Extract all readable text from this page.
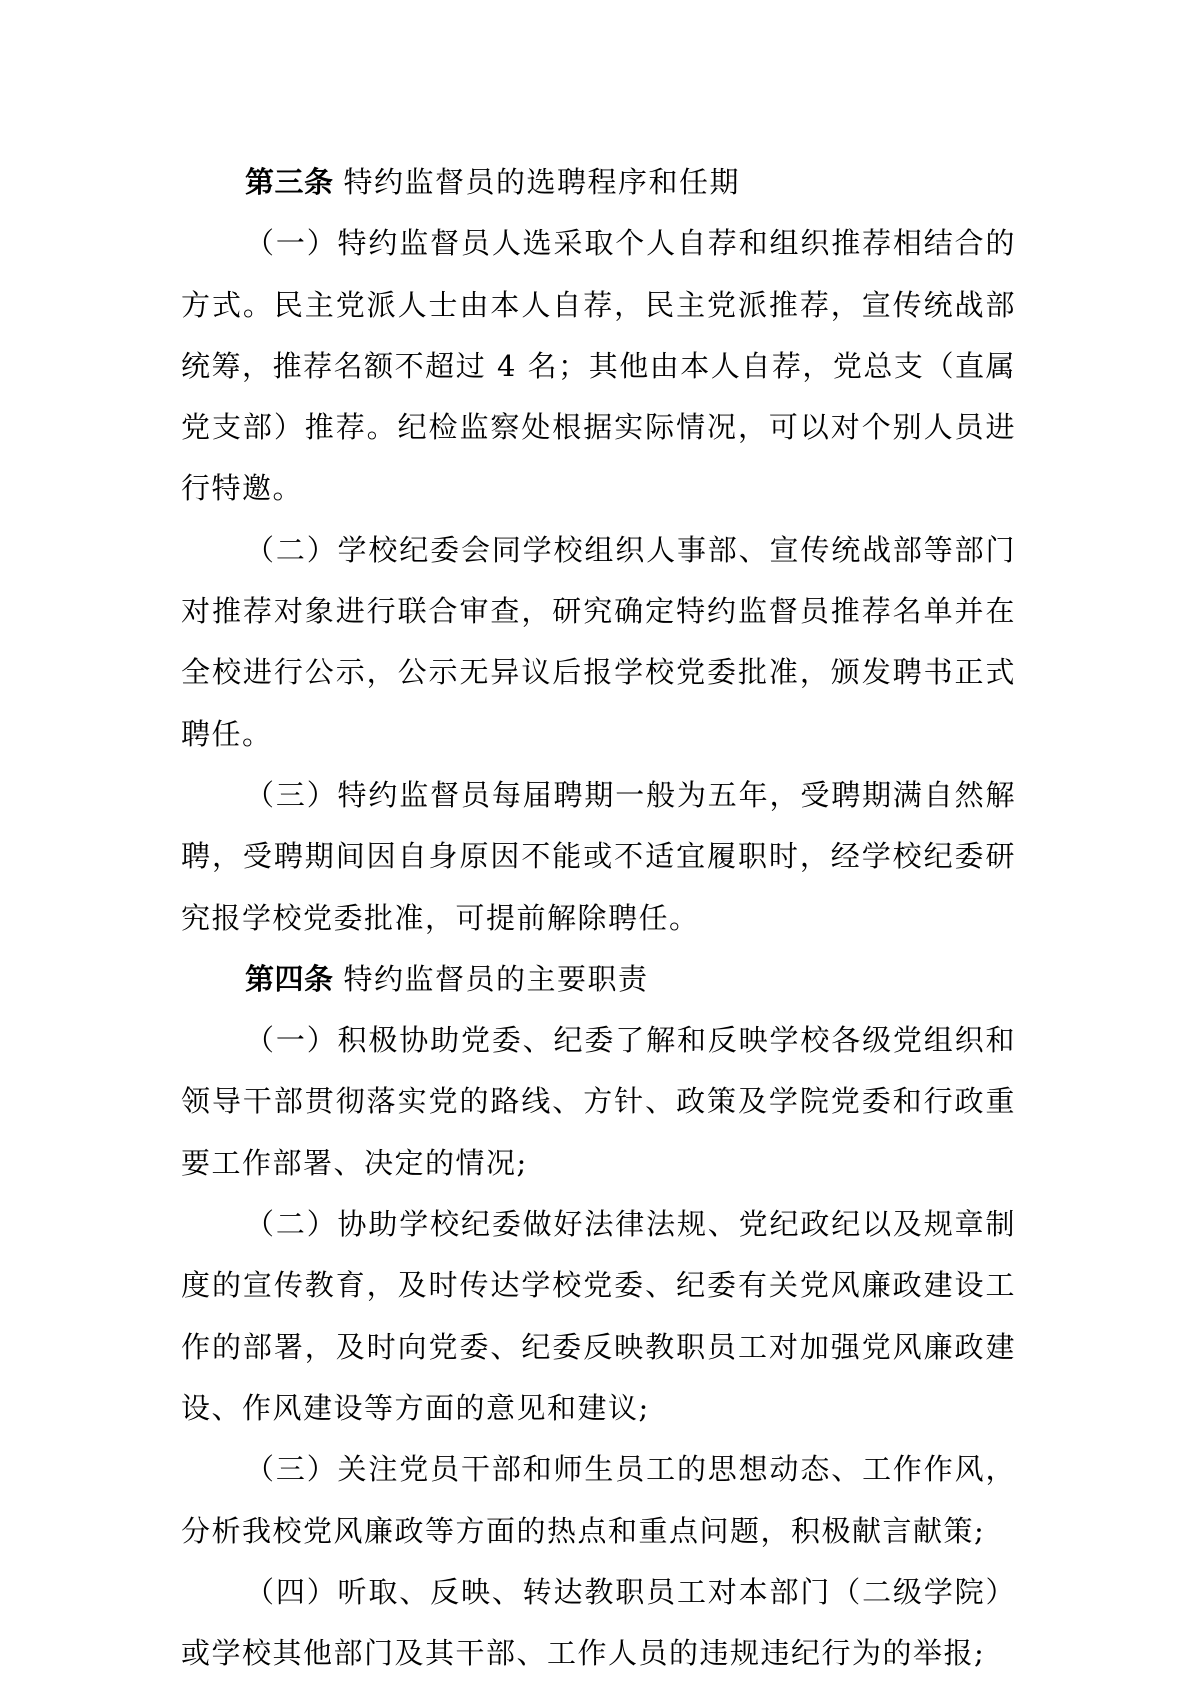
第三条 特约监督员的选聘程序和任期

（一）特约监督员人选采取个人自荐和组织推荐相结合的方式。民主党派人士由本人自荐，民主党派推荐，宣传统战部统筹，推荐名额不超过 4 名；其他由本人自荐，党总支（直属党支部）推荐。纪检监察处根据实际情况，可以对个别人员进行特邀。

（二）学校纪委会同学校组织人事部、宣传统战部等部门对推荐对象进行联合审查，研究确定特约监督员推荐名单并在全校进行公示，公示无异议后报学校党委批准，颁发聘书正式聘任。

（三）特约监督员每届聘期一般为五年，受聘期满自然解聘，受聘期间因自身原因不能或不适宜履职时，经学校纪委研究报学校党委批准，可提前解除聘任。

第四条 特约监督员的主要职责

（一）积极协助党委、纪委了解和反映学校各级党组织和领导干部贯彻落实党的路线、方针、政策及学院党委和行政重要工作部署、决定的情况;

（二）协助学校纪委做好法律法规、党纪政纪以及规章制度的宣传教育，及时传达学校党委、纪委有关党风廉政建设工作的部署，及时向党委、纪委反映教职员工对加强党风廉政建设、作风建设等方面的意见和建议;

（三）关注党员干部和师生员工的思想动态、工作作风，分析我校党风廉政等方面的热点和重点问题，积极献言献策;

（四）听取、反映、转达教职员工对本部门（二级学院）或学校其他部门及其干部、工作人员的违规违纪行为的举报;
